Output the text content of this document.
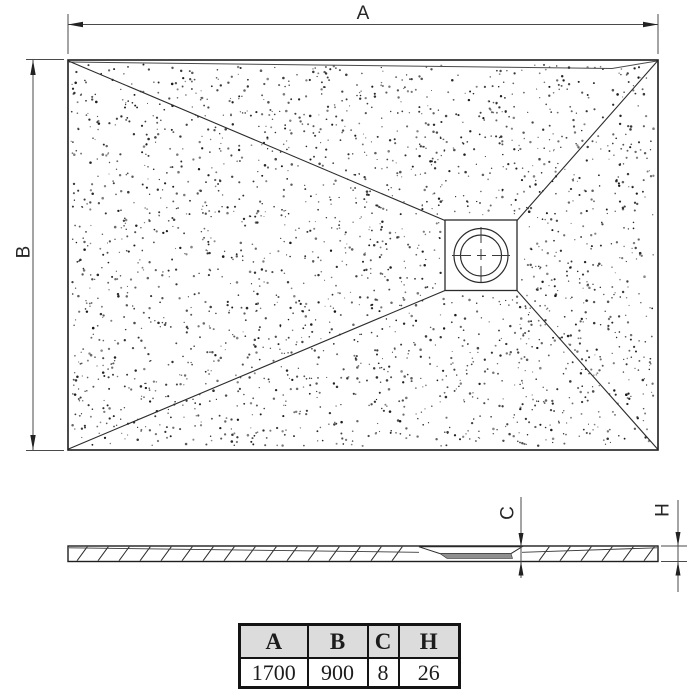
A
B
C	H
A	B	C	H
1700	900	8	26
